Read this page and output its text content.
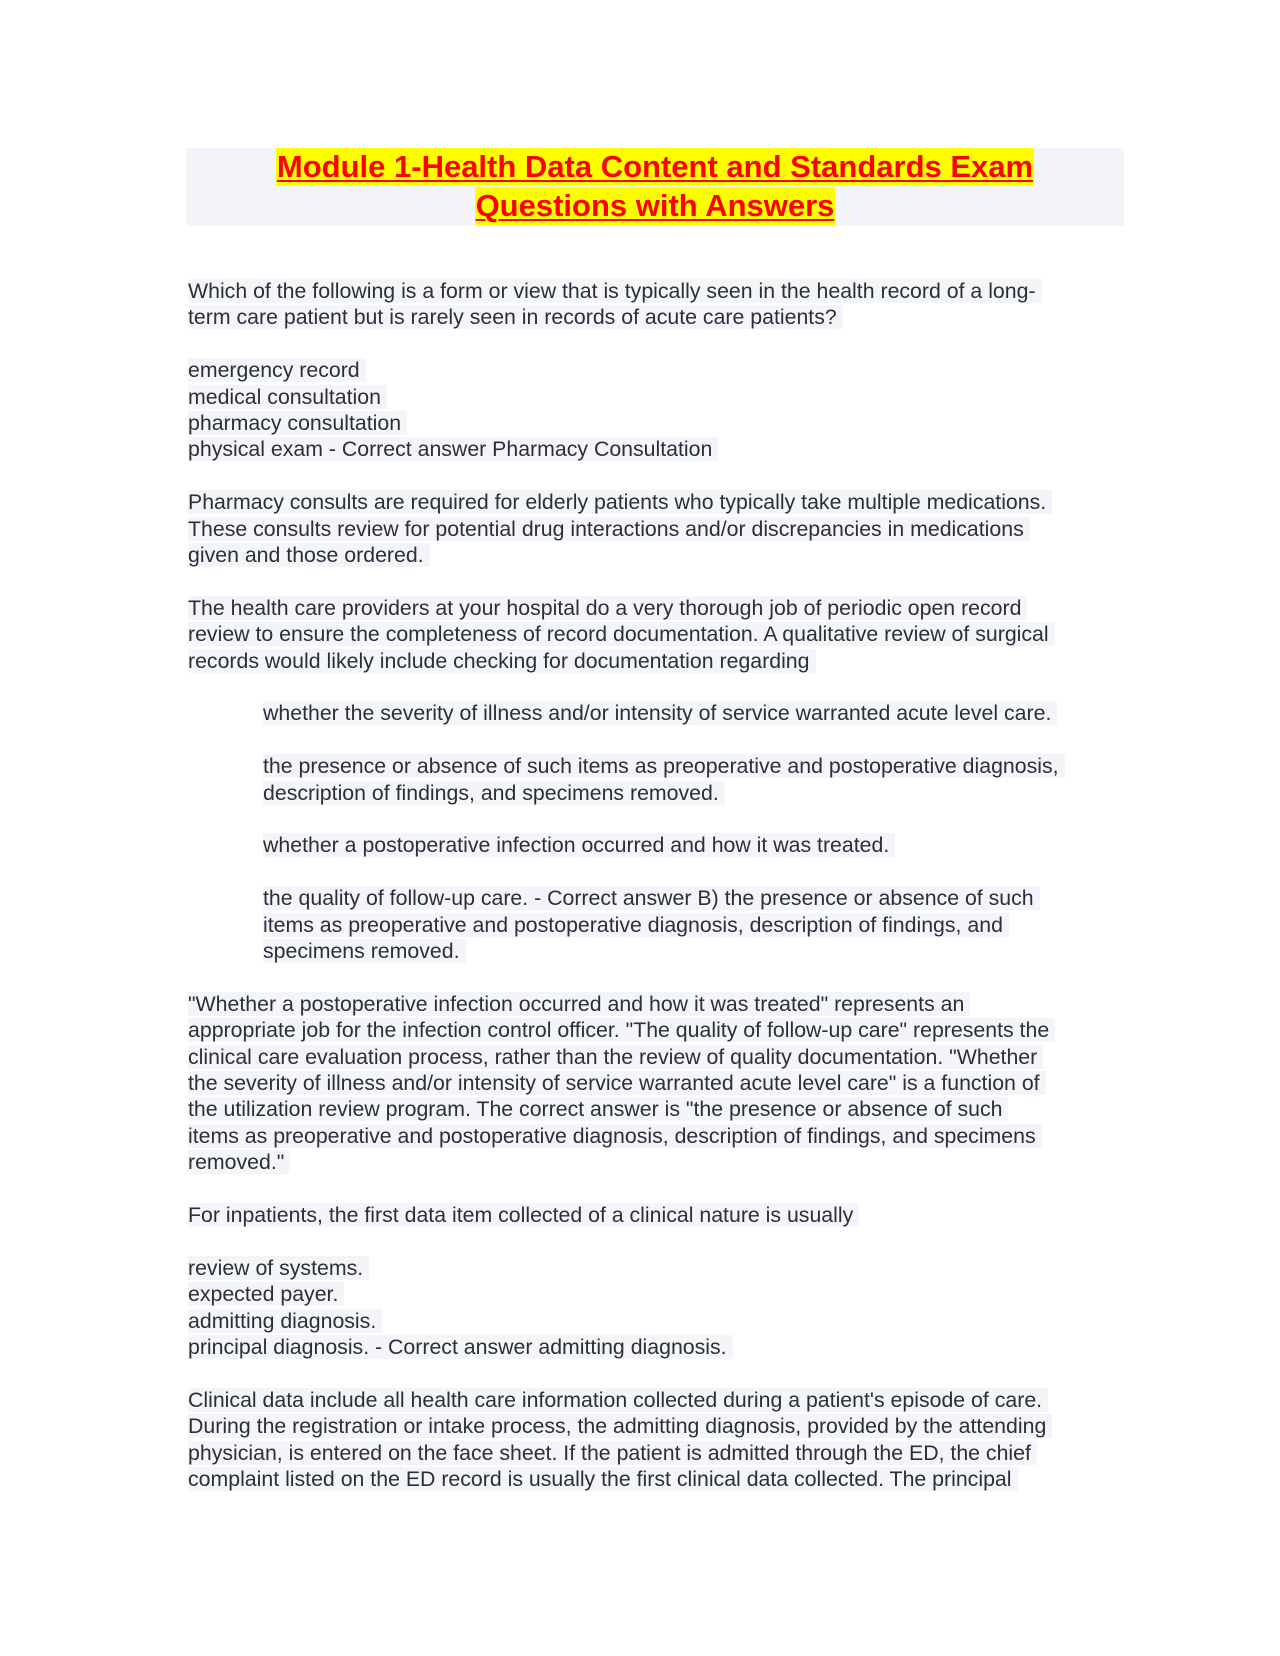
Module 1-Health Data Content and Standards Exam
Questions with Answers
Which of the following is a form or view that is typically seen in the health record of a long-
term care patient but is rarely seen in records of acute care patients?
emergency record
medical consultation
pharmacy consultation
physical exam - Correct answer Pharmacy Consultation
Pharmacy consults are required for elderly patients who typically take multiple medications.
These consults review for potential drug interactions and/or discrepancies in medications
given and those ordered.
The health care providers at your hospital do a very thorough job of periodic open record
review to ensure the completeness of record documentation. A qualitative review of surgical
records would likely include checking for documentation regarding
whether the severity of illness and/or intensity of service warranted acute level care.
the presence or absence of such items as preoperative and postoperative diagnosis,
description of findings, and specimens removed.
whether a postoperative infection occurred and how it was treated.
the quality of follow-up care. - Correct answer B) the presence or absence of such
items as preoperative and postoperative diagnosis, description of findings, and
specimens removed.
"Whether a postoperative infection occurred and how it was treated" represents an
appropriate job for the infection control officer. "The quality of follow-up care" represents the
clinical care evaluation process, rather than the review of quality documentation. "Whether
the severity of illness and/or intensity of service warranted acute level care" is a function of
the utilization review program. The correct answer is "the presence or absence of such
items as preoperative and postoperative diagnosis, description of findings, and specimens
removed."
For inpatients, the first data item collected of a clinical nature is usually
review of systems.
expected payer.
admitting diagnosis.
principal diagnosis. - Correct answer admitting diagnosis.
Clinical data include all health care information collected during a patient's episode of care.
During the registration or intake process, the admitting diagnosis, provided by the attending
physician, is entered on the face sheet. If the patient is admitted through the ED, the chief
complaint listed on the ED record is usually the first clinical data collected. The principal
